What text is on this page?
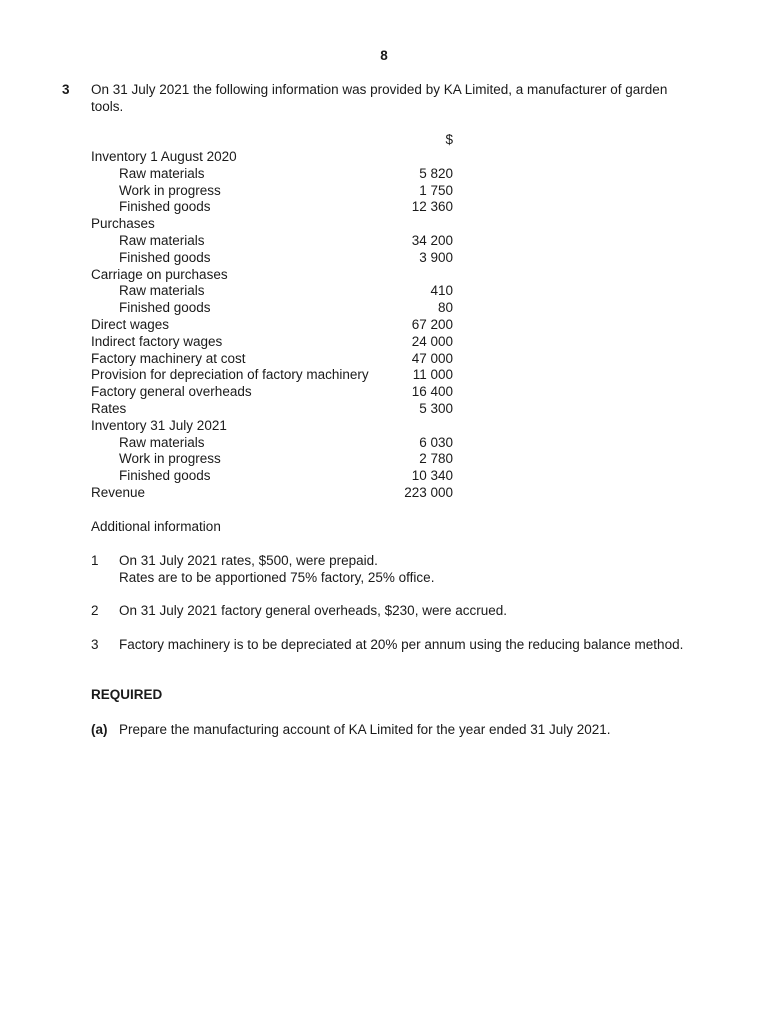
8
3 On 31 July 2021 the following information was provided by KA Limited, a manufacturer of garden tools.
$
Inventory 1 August 2020
Raw materials	5 820
Work in progress	1 750
Finished goods	12 360
Purchases
Raw materials	34 200
Finished goods	3 900
Carriage on purchases
Raw materials	410
Finished goods	80
Direct wages	67 200
Indirect factory wages	24 000
Factory machinery at cost	47 000
Provision for depreciation of factory machinery	11 000
Factory general overheads	16 400
Rates	5 300
Inventory 31 July 2021
Raw materials	6 030
Work in progress	2 780
Finished goods	10 340
Revenue	223 000
Additional information
1	On 31 July 2021 rates, $500, were prepaid.
Rates are to be apportioned 75% factory, 25% office.
2	On 31 July 2021 factory general overheads, $230, were accrued.
3	Factory machinery is to be depreciated at 20% per annum using the reducing balance method.
REQUIRED
(a) Prepare the manufacturing account of KA Limited for the year ended 31 July 2021.
